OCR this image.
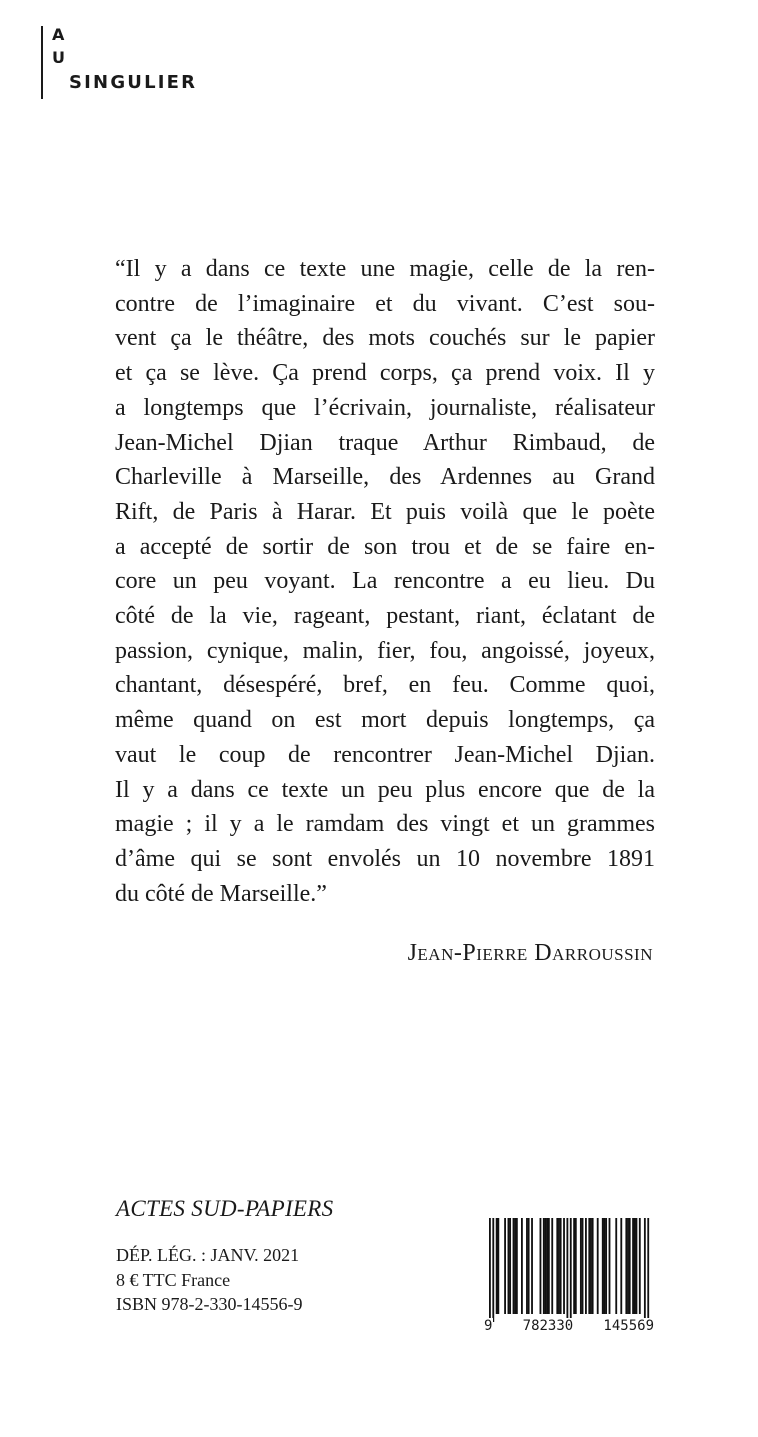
A
U
SINGULIER

“Il y a dans ce texte une magie, celle de la ren-
contre de l’imaginaire et du vivant. C’est sou-
vent ça le théâtre, des mots couchés sur le papier
et ça se lève. Ça prend corps, ça prend voix. Il y
a longtemps que l’écrivain, journaliste, réalisateur
Jean-Michel Djian traque Arthur Rimbaud, de
Charleville à Marseille, des Ardennes au Grand
Rift, de Paris à Harar. Et puis voilà que le poète
a accepté de sortir de son trou et de se faire en-
core un peu voyant. La rencontre a eu lieu. Du
côté de la vie, rageant, pestant, riant, éclatant de
passion, cynique, malin, fier, fou, angoissé, joyeux,
chantant, désespéré, bref, en feu. Comme quoi,
même quand on est mort depuis longtemps, ça
vaut le coup de rencontrer Jean-Michel Djian.
Il y a dans ce texte un peu plus encore que de la
magie ; il y a le ramdam des vingt et un grammes
d’âme qui se sont envolés un 10 novembre 1891
du côté de Marseille.”

Jean-Pierre Darroussin
ACTES SUD-PAPIERS
DÉP. LÉG. : JANV. 2021
8 € TTC France
ISBN 978-2-330-14556-9
9 782330 145569
